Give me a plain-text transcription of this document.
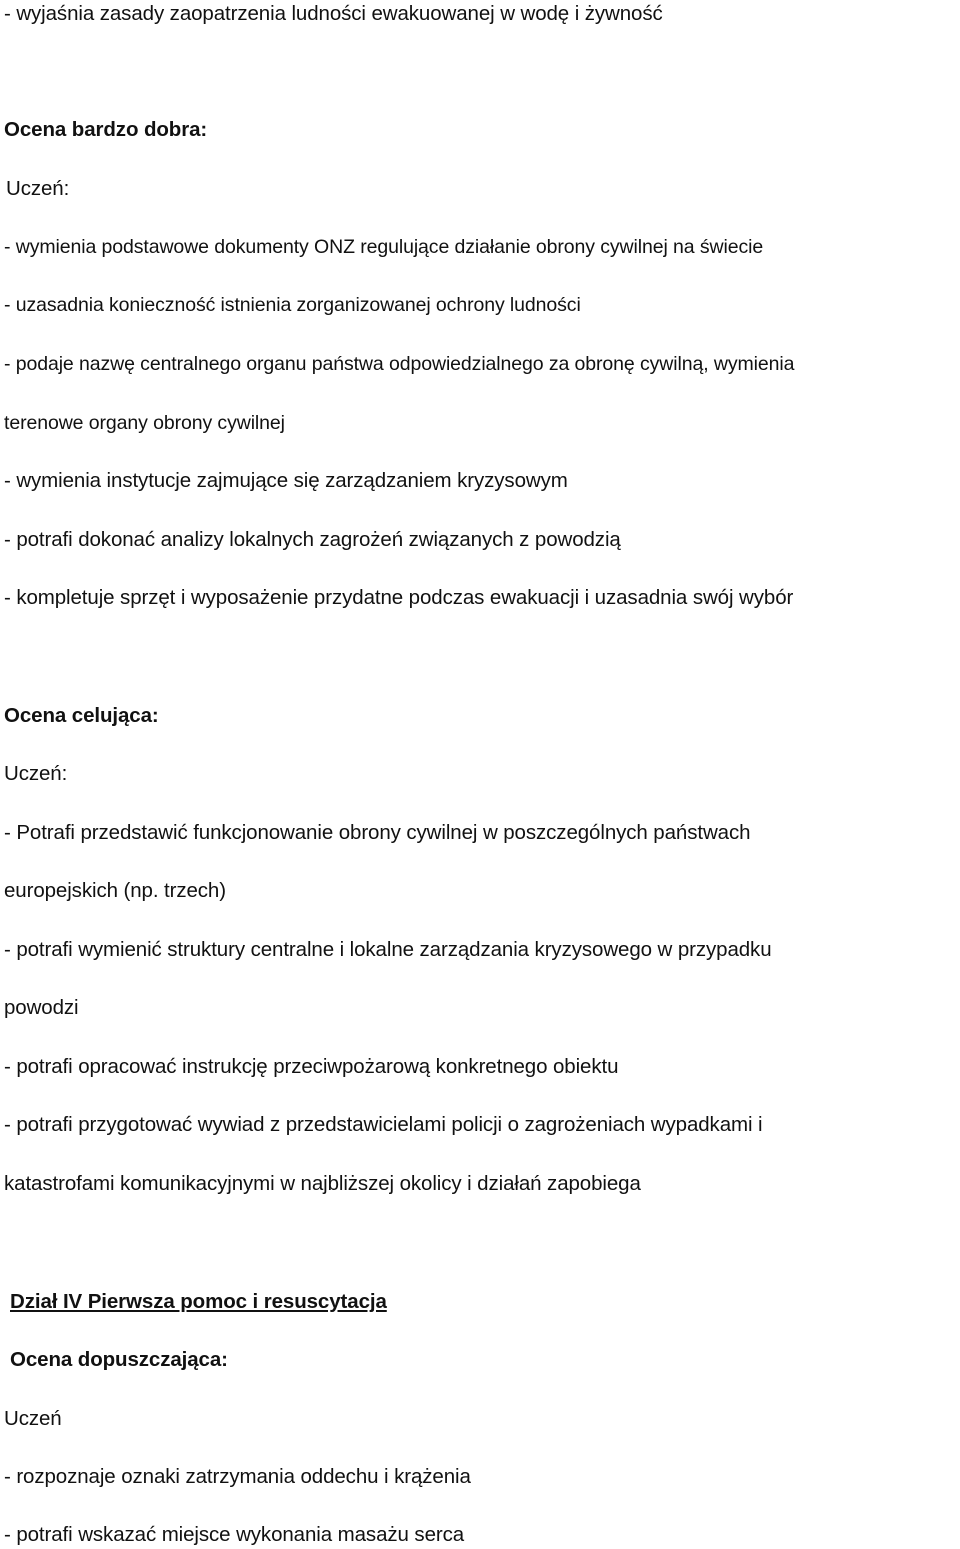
- wyjaśnia zasady zaopatrzenia ludności ewakuowanej w wodę i żywność
Ocena bardzo dobra:
Uczeń:
- wymienia podstawowe dokumenty ONZ regulujące działanie obrony cywilnej na świecie
- uzasadnia konieczność istnienia zorganizowanej ochrony ludności
- podaje nazwę centralnego organu państwa odpowiedzialnego za obronę cywilną, wymienia
terenowe organy obrony cywilnej
- wymienia instytucje zajmujące się zarządzaniem kryzysowym
- potrafi dokonać analizy lokalnych zagrożeń związanych z powodzią
- kompletuje sprzęt i wyposażenie przydatne podczas ewakuacji i uzasadnia swój wybór
Ocena celująca:
Uczeń:
- Potrafi przedstawić funkcjonowanie obrony cywilnej w poszczególnych państwach
europejskich (np. trzech)
- potrafi wymienić struktury centralne i lokalne zarządzania kryzysowego w przypadku
powodzi
- potrafi opracować instrukcję przeciwpożarową konkretnego obiektu
- potrafi przygotować wywiad z przedstawicielami policji o zagrożeniach wypadkami i
katastrofami komunikacyjnymi w najbliższej okolicy i działań zapobiega
Dział IV Pierwsza pomoc i resuscytacja
Ocena dopuszczająca:
Uczeń
- rozpoznaje oznaki zatrzymania oddechu i krążenia
- potrafi wskazać miejsce wykonania masażu serca
